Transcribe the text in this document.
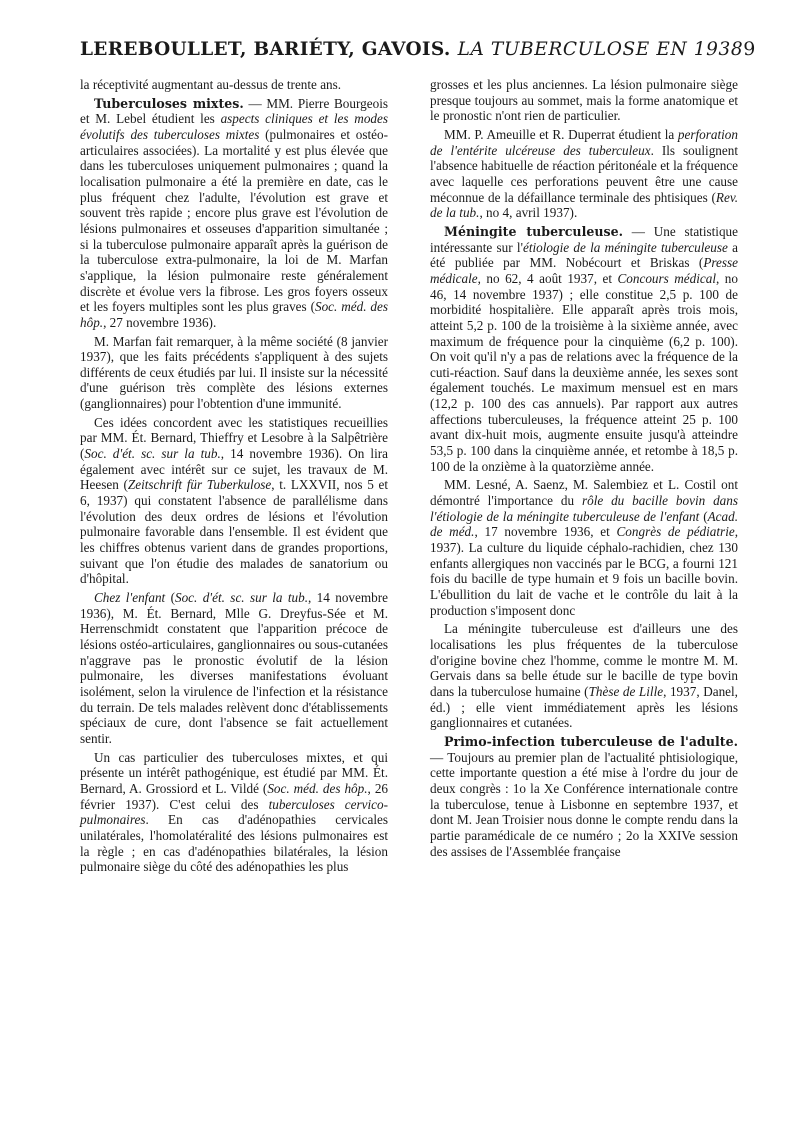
LEREBOULLET, BARIÉTY, GAVOIS. LA TUBERCULOSE EN 1938 9

la réceptivité augmentant au-dessus de trente ans.

Tuberculoses mixtes. — MM. Pierre Bourgeois et M. Lebel étudient les aspects cliniques et les modes évolutifs des tuberculoses mixtes (pulmonaires et ostéo-articulaires associées). La mortalité y est plus élevée que dans les tuberculoses uniquement pulmonaires ; quand la localisation pulmonaire a été la première en date, cas le plus fréquent chez l'adulte, l'évolution est grave et souvent très rapide ; encore plus grave est l'évolution de lésions pulmonaires et osseuses d'apparition simultanée ; si la tuberculose pulmonaire apparaît après la guérison de la tuberculose extra-pulmonaire, la loi de M. Marfan s'applique, la lésion pulmonaire reste généralement discrète et évolue vers la fibrose. Les gros foyers osseux et les foyers multiples sont les plus graves (Soc. méd. des hôp., 27 novembre 1936).

M. Marfan fait remarquer, à la même société (8 janvier 1937), que les faits précédents s'appliquent à des sujets différents de ceux étudiés par lui. Il insiste sur la nécessité d'une guérison très complète des lésions externes (ganglionnaires) pour l'obtention d'une immunité.

Ces idées concordent avec les statistiques recueillies par MM. Ét. Bernard, Thieffry et Lesobre à la Salpêtrière (Soc. d'ét. sc. sur la tub., 14 novembre 1936). On lira également avec intérêt sur ce sujet, les travaux de M. Heesen (Zeitschrift für Tuberkulose, t. LXXVII, nos 5 et 6, 1937) qui constatent l'absence de parallélisme dans l'évolution des deux ordres de lésions et l'évolution pulmonaire favorable dans l'ensemble. Il est évident que les chiffres obtenus varient dans de grandes proportions, suivant que l'on étudie des malades de sanatorium ou d'hôpital.

Chez l'enfant (Soc. d'ét. sc. sur la tub., 14 novembre 1936), M. Ét. Bernard, Mlle G. Dreyfus-Sée et M. Herrenschmidt constatent que l'apparition précoce de lésions ostéo-articulaires, ganglionnaires ou sous-cutanées n'aggrave pas le pronostic évolutif de la lésion pulmonaire, les diverses manifestations évoluant isolément, selon la virulence de l'infection et la résistance du terrain. De tels malades relèvent donc d'établissements spéciaux de cure, dont l'absence se fait actuellement sentir.

Un cas particulier des tuberculoses mixtes, et qui présente un intérêt pathogénique, est étudié par MM. Ét. Bernard, A. Grossiord et L. Vildé (Soc. méd. des hôp., 26 février 1937). C'est celui des tuberculoses cervico-pulmonaires. En cas d'adénopathies cervicales unilatérales, l'homolatéralité des lésions pulmonaires est la règle ; en cas d'adénopathies bilatérales, la lésion pulmonaire siège du côté des adénopathies les plus

grosses et les plus anciennes. La lésion pulmonaire siège presque toujours au sommet, mais la forme anatomique et le pronostic n'ont rien de particulier.

MM. P. Ameuille et R. Duperrat étudient la perforation de l'entérite ulcéreuse des tuberculeux. Ils soulignent l'absence habituelle de réaction péritonéale et la fréquence avec laquelle ces perforations peuvent être une cause méconnue de la défaillance terminale des phtisiques (Rev. de la tub., no 4, avril 1937).

Méningite tuberculeuse. — Une statistique intéressante sur l'étiologie de la méningite tuberculeuse a été publiée par MM. Nobécourt et Briskas (Presse médicale, no 62, 4 août 1937, et Concours médical, no 46, 14 novembre 1937) ; elle constitue 2,5 p. 100 de morbidité hospitalière. Elle apparaît après trois mois, atteint 5,2 p. 100 de la troisième à la sixième année, avec maximum de fréquence pour la cinquième (6,2 p. 100). On voit qu'il n'y a pas de relations avec la fréquence de la cuti-réaction. Sauf dans la deuxième année, les sexes sont également touchés. Le maximum mensuel est en mars (12,2 p. 100 des cas annuels). Par rapport aux autres affections tuberculeuses, la fréquence atteint 25 p. 100 avant dix-huit mois, augmente ensuite jusqu'à atteindre 53,5 p. 100 dans la cinquième année, et retombe à 18,5 p. 100 de la onzième à la quatorzième année.

MM. Lesné, A. Saenz, M. Salembiez et L. Costil ont démontré l'importance du rôle du bacille bovin dans l'étiologie de la méningite tuberculeuse de l'enfant (Acad. de méd., 17 novembre 1936, et Congrès de pédiatrie, 1937). La culture du liquide céphalo-rachidien, chez 130 enfants allergiques non vaccinés par le BCG, a fourni 121 fois du bacille de type humain et 9 fois un bacille bovin. L'ébullition du lait de vache et le contrôle du lait à la production s'imposent donc

La méningite tuberculeuse est d'ailleurs une des localisations les plus fréquentes de la tuberculose d'origine bovine chez l'homme, comme le montre M. M. Gervais dans sa belle étude sur le bacille de type bovin dans la tuberculose humaine (Thèse de Lille, 1937, Danel, éd.) ; elle vient immédiatement après les lésions ganglionnaires et cutanées.

Primo-infection tuberculeuse de l'adulte. — Toujours au premier plan de l'actualité phtisiologique, cette importante question a été mise à l'ordre du jour de deux congrès : 1o la Xe Conférence internationale contre la tuberculose, tenue à Lisbonne en septembre 1937, et dont M. Jean Troisier nous donne le compte rendu dans la partie paramédicale de ce numéro ; 2o la XXIVe session des assises de l'Assemblée française
